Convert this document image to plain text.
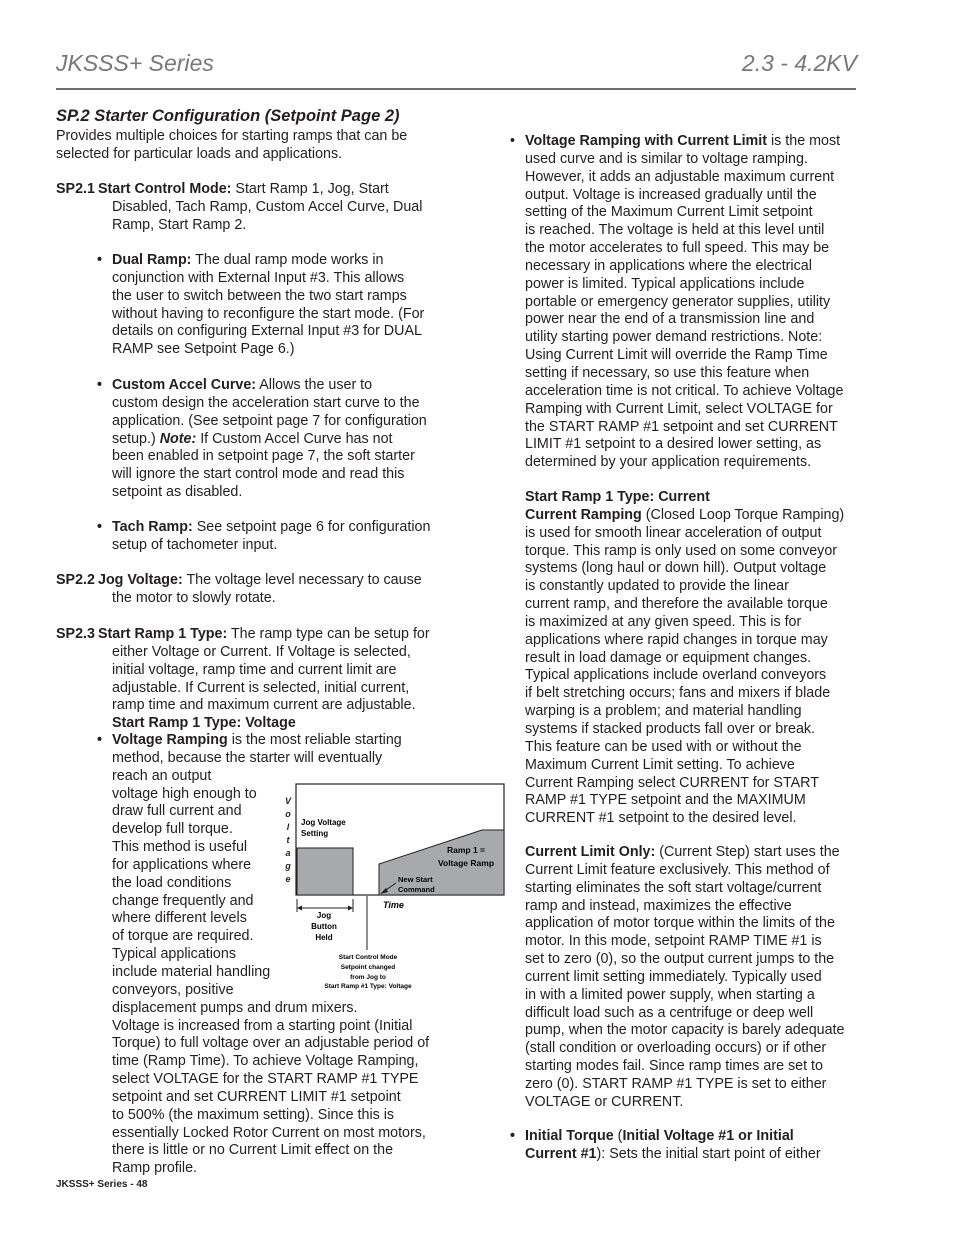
JKSSS+ Series	2.3 - 4.2KV
SP.2 Starter Configuration (Setpoint Page 2)
Provides multiple choices for starting ramps that can be
selected for particular loads and applications.
SP2.1 Start Control Mode: Start Ramp 1, Jog, Start
Disabled, Tach Ramp, Custom Accel Curve, Dual
Ramp, Start Ramp 2.
• Dual Ramp: The dual ramp mode works in
conjunction with External Input #3. This allows
the user to switch between the two start ramps
without having to reconfigure the start mode. (For
details on configuring External Input #3 for DUAL
RAMP see Setpoint Page 6.)
• Custom Accel Curve: Allows the user to
custom design the acceleration start curve to the
application. (See setpoint page 7 for configuration
setup.) Note: If Custom Accel Curve has not
been enabled in setpoint page 7, the soft starter
will ignore the start control mode and read this
setpoint as disabled.
• Tach Ramp: See setpoint page 6 for configuration
setup of tachometer input.
SP2.2 Jog Voltage: The voltage level necessary to cause
the motor to slowly rotate.
SP2.3 Start Ramp 1 Type: The ramp type can be setup for
either Voltage or Current. If Voltage is selected,
initial voltage, ramp time and current limit are
adjustable. If Current is selected, initial current,
ramp time and maximum current are adjustable.
Start Ramp 1 Type: Voltage
• Voltage Ramping is the most reliable starting
method, because the starter will eventually
reach an output
voltage high enough to
draw full current and
develop full torque.
This method is useful
for applications where
the load conditions
change frequently and
where different levels
of torque are required.
Typical applications
include material handling
conveyors, positive
displacement pumps and drum mixers.
Voltage is increased from a starting point (Initial
Torque) to full voltage over an adjustable period of
time (Ramp Time). To achieve Voltage Ramping,
select VOLTAGE for the START RAMP #1 TYPE
setpoint and set CURRENT LIMIT #1 setpoint
to 500% (the maximum setting). Since this is
essentially Locked Rotor Current on most motors,
there is little or no Current Limit effect on the
Ramp profile.
V
o
l
t
a
g
e
Jog Voltage
Setting
Ramp 1 =
Voltage Ramp
New Start
Command
Time
Jog
Button
Held
Start Control Mode
Setpoint changed
from Jog to
Start Ramp #1 Type: Voltage
• Voltage Ramping with Current Limit is the most
used curve and is similar to voltage ramping.
However, it adds an adjustable maximum current
output. Voltage is increased gradually until the
setting of the Maximum Current Limit setpoint
is reached. The voltage is held at this level until
the motor accelerates to full speed. This may be
necessary in applications where the electrical
power is limited. Typical applications include
portable or emergency generator supplies, utility
power near the end of a transmission line and
utility starting power demand restrictions. Note:
Using Current Limit will override the Ramp Time
setting if necessary, so use this feature when
acceleration time is not critical. To achieve Voltage
Ramping with Current Limit, select VOLTAGE for
the START RAMP #1 setpoint and set CURRENT
LIMIT #1 setpoint to a desired lower setting, as
determined by your application requirements.
Start Ramp 1 Type: Current
Current Ramping (Closed Loop Torque Ramping)
is used for smooth linear acceleration of output
torque. This ramp is only used on some conveyor
systems (long haul or down hill). Output voltage
is constantly updated to provide the linear
current ramp, and therefore the available torque
is maximized at any given speed. This is for
applications where rapid changes in torque may
result in load damage or equipment changes.
Typical applications include overland conveyors
if belt stretching occurs; fans and mixers if blade
warping is a problem; and material handling
systems if stacked products fall over or break.
This feature can be used with or without the
Maximum Current Limit setting. To achieve
Current Ramping select CURRENT for START
RAMP #1 TYPE setpoint and the MAXIMUM
CURRENT #1 setpoint to the desired level.
Current Limit Only: (Current Step) start uses the
Current Limit feature exclusively. This method of
starting eliminates the soft start voltage/current
ramp and instead, maximizes the effective
application of motor torque within the limits of the
motor. In this mode, setpoint RAMP TIME #1 is
set to zero (0), so the output current jumps to the
current limit setting immediately. Typically used
in with a limited power supply, when starting a
difficult load such as a centrifuge or deep well
pump, when the motor capacity is barely adequate
(stall condition or overloading occurs) or if other
starting modes fail. Since ramp times are set to
zero (0). START RAMP #1 TYPE is set to either
VOLTAGE or CURRENT.
• Initial Torque (Initial Voltage #1 or Initial
Current #1): Sets the initial start point of either
JKSSS+ Series - 48
